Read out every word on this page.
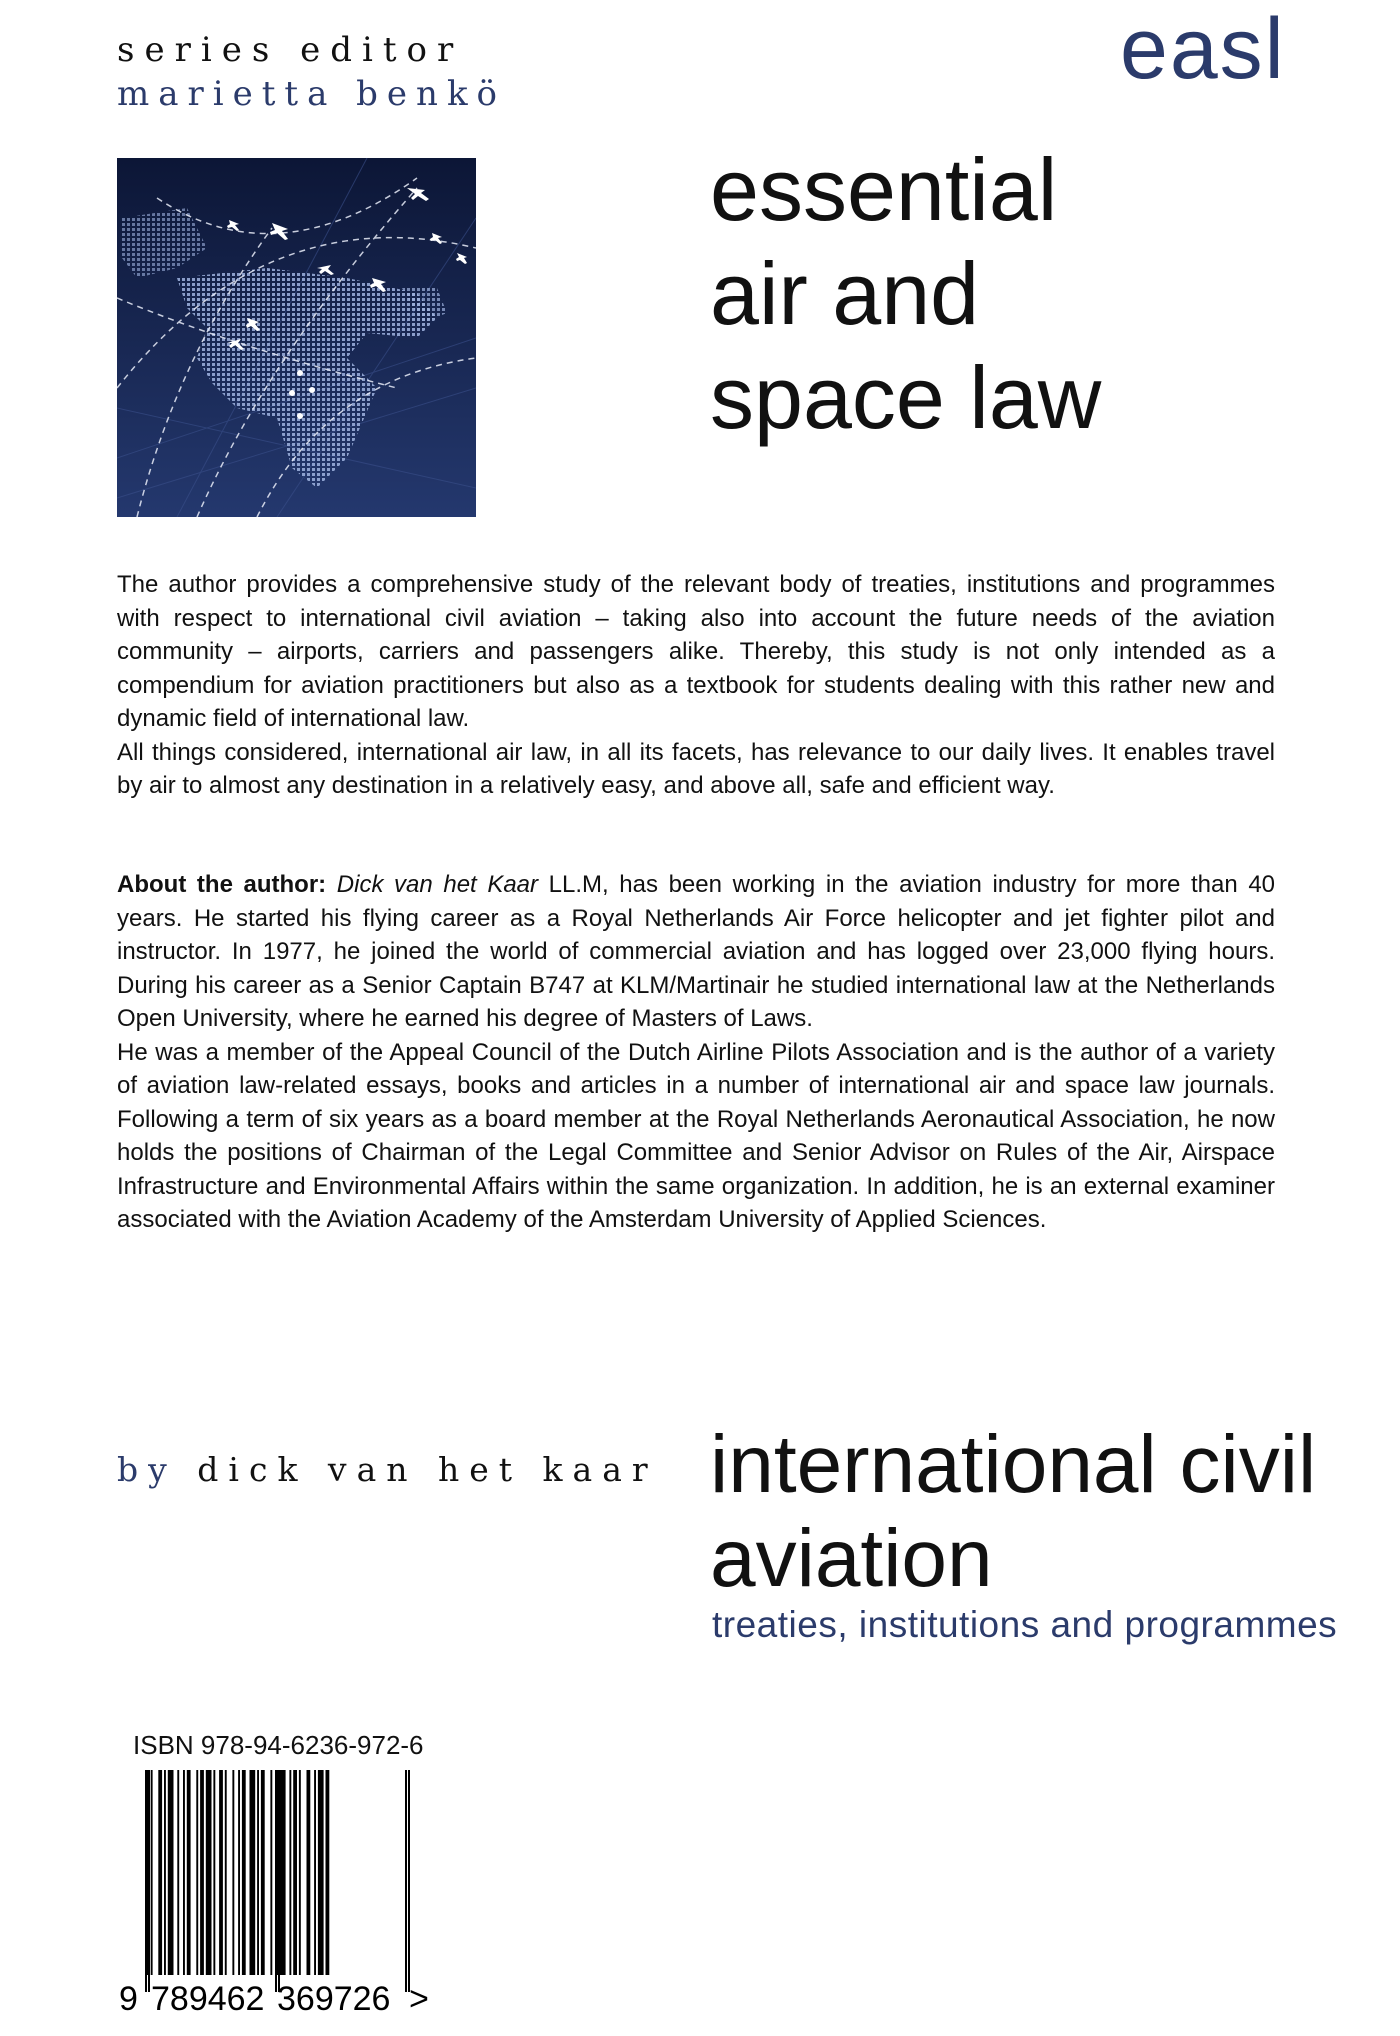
series editor
marietta benkö	easl
essential
air and
space law

The author provides a comprehensive study of the relevant body of treaties, institutions and programmes with respect to international civil aviation – taking also into account the future needs of the aviation community – airports, carriers and passengers alike. Thereby, this study is not only intended as a compendium for aviation practitioners but also as a textbook for students dealing with this rather new and dynamic field of international law.

All things considered, international air law, in all its facets, has relevance to our daily lives. It enables travel by air to almost any destination in a relatively easy, and above all, safe and efficient way.

About the author: Dick van het Kaar LL.M, has been working in the aviation industry for more than 40 years. He started his flying career as a Royal Netherlands Air Force helicopter and jet fighter pilot and instructor. In 1977, he joined the world of commercial aviation and has logged over 23,000 flying hours. During his career as a Senior Captain B747 at KLM/Martinair he studied international law at the Netherlands Open University, where he earned his degree of Masters of Laws.

He was a member of the Appeal Council of the Dutch Airline Pilots Association and is the author of a variety of aviation law-related essays, books and articles in a number of international air and space law journals. Following a term of six years as a board member at the Royal Netherlands Aeronautical Association, he now holds the positions of Chairman of the Legal Committee and Senior Advisor on Rules of the Air, Airspace Infrastructure and Environmental Affairs within the same organization. In addition, he is an external examiner associated with the Aviation Academy of the Amsterdam University of Applied Sciences.

by dick van het kaar international civil
aviation
treaties, institutions and programmes
ISBN 978-94-6236-972-6
9 789462 369726 >
